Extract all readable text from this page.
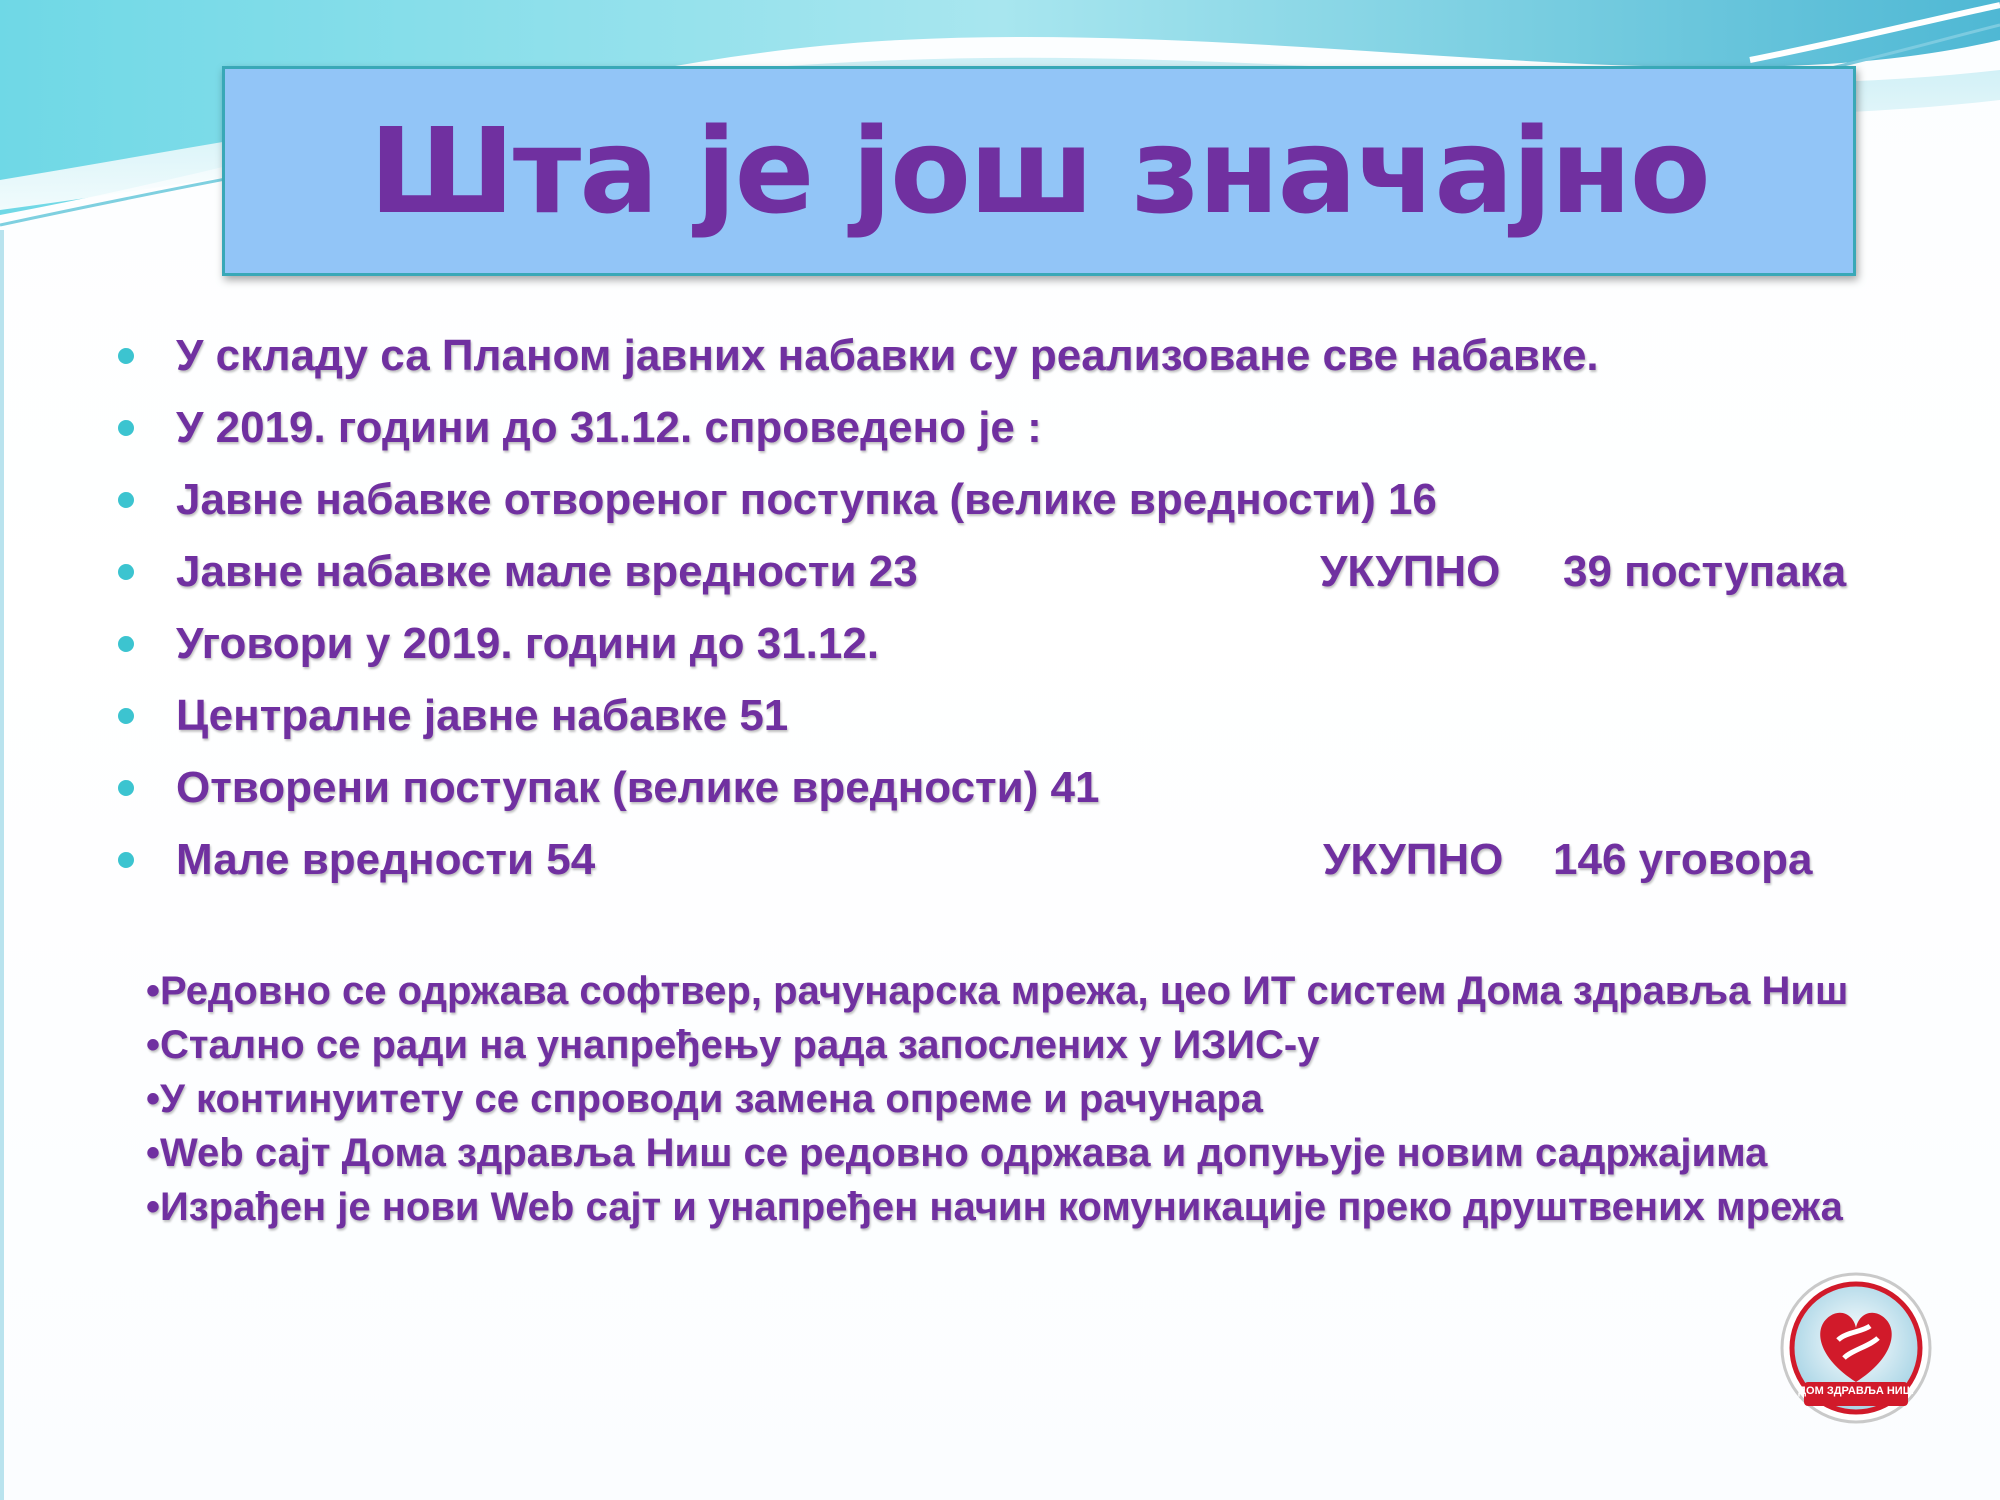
Шта је још значајно
У складу са Планом јавних набавки су реализоване све набавке.
У 2019. години до 31.12. спроведено је :
Јавне набавке отвореног поступка (велике вредности) 16
Јавне набавке мале вредности 23	УКУПНО	39 поступака
Уговори у 2019. години до 31.12.
Централне јавне набавке 51
Отворени поступак (велике вредности) 41
Мале вредности 54	УКУПНО	146 уговора
•Редовно се одржава софтвер, рачунарска мрежа, цео ИТ систем Дома здравља Ниш
•Стално се ради на унапређењу рада запослених у ИЗИС-у
•У континуитету се спроводи замена опреме и рачунара
•Web сајт Дома здравља Ниш се редовно одржава и допуњује новим садржајима
•Израђен је нови Web сајт и унапређен начин комуникације преко друштвених мрежа
ДОМ ЗДРАВЉА НИШ
